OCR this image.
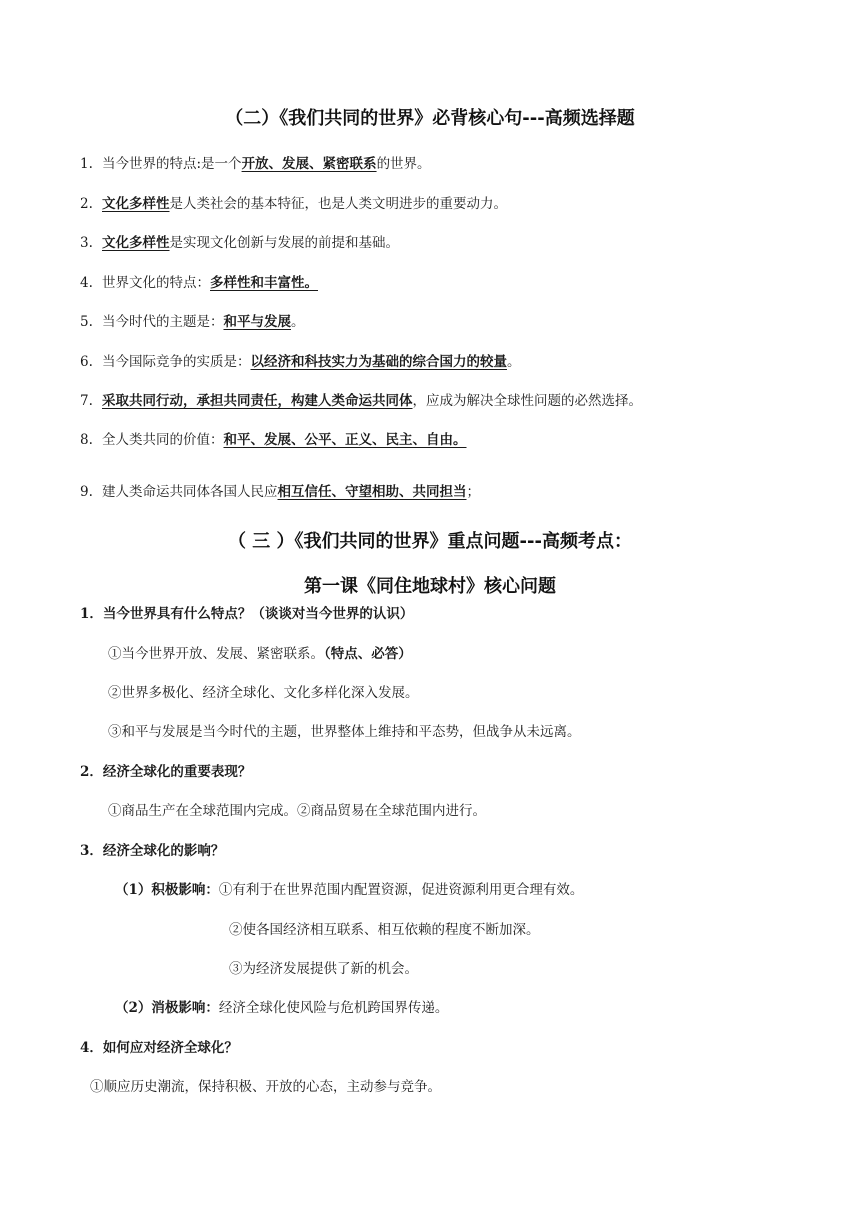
（二）《我们共同的世界》必背核心句---高频选择题
1. 当今世界的特点:是一个开放、发展、紧密联系的世界。
2. 文化多样性是人类社会的基本特征，也是人类文明进步的重要动力。
3. 文化多样性是实现文化创新与发展的前提和基础。
4. 世界文化的特点：多样性和丰富性。
5. 当今时代的主题是：和平与发展。
6. 当今国际竞争的实质是：以经济和科技实力为基础的综合国力的较量。
7. 采取共同行动，承担共同责任，构建人类命运共同体，应成为解决全球性问题的必然选择。
8. 全人类共同的价值：和平、发展、公平、正义、民主、自由。
9. 建人类命运共同体各国人民应相互信任、守望相助、共同担当；
（ 三 ）《我们共同的世界》重点问题---高频考点：
第一课《同住地球村》核心问题
1．当今世界具有什么特点？（谈谈对当今世界的认识）
①当今世界开放、发展、紧密联系。（特点、必答）
②世界多极化、经济全球化、文化多样化深入发展。
③和平与发展是当今时代的主题，世界整体上维持和平态势，但战争从未远离。
2．经济全球化的重要表现？
①商品生产在全球范围内完成。②商品贸易在全球范围内进行。
3．经济全球化的影响？
（1）积极影响：①有利于在世界范围内配置资源，促进资源利用更合理有效。
②使各国经济相互联系、相互依赖的程度不断加深。
③为经济发展提供了新的机会。
（2）消极影响：经济全球化使风险与危机跨国界传递。
4．如何应对经济全球化？
①顺应历史潮流，保持积极、开放的心态，主动参与竞争。
